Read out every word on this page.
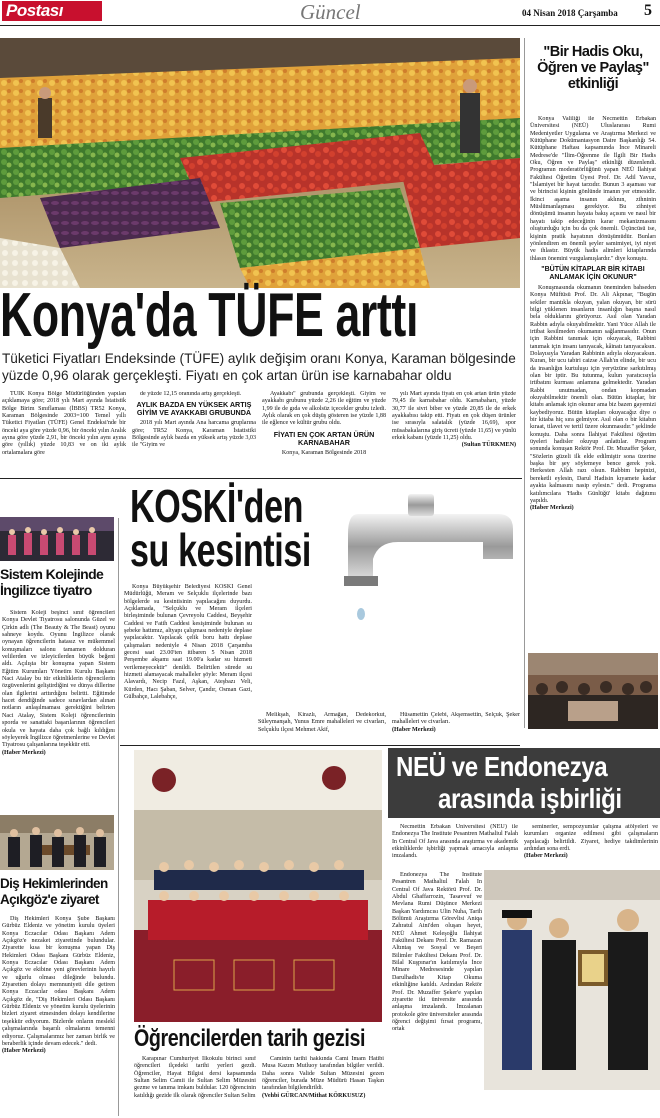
Postası	Güncel	04 Nisan 2018 Çarşamba 5
Konya'da TÜFE arttı
Tüketici Fiyatları Endeksinde (TÜFE) aylık değişim oranı Konya, Karaman bölgesinde yüzde 0,96 olarak gerçekleşti. Fiyatı en çok artan ürün ise karnabahar oldu

TÜİK Konya Bölge Müdürlüğünden yapılan açıklamaya göre; 2018 yılı Mart ayında İstatistik Bölge Birim Sınıflaması (İBBS) TR52 Konya, Karaman Bölgesinde 2003=100 Temel yıllı Tüketici Fiyatları (TÜFE) Genel Endeksi'nde bir önceki aya göre yüzde 0,96, bir önceki yılın Aralık ayına göre yüzde 2,91, bir önceki yılın aynı ayına göre (yıllık) yüzde 10,83 ve on iki aylık ortalamalara göre

de yüzde 12,15 oranında artış gerçekleşti.

AYLIK BAZDA EN YÜKSEK ARTIŞ GİYİM VE AYAKKABI GRUBUNDA

2018 yılı Mart ayında Ana harcama gruplarına göre; TR52 Konya, Karaman İstatistiki Bölgesinde aylık bazda en yüksek artış yüzde 3,03 ile "Giyim ve

Ayakkabı" grubunda gerçekleşti. Giyim ve ayakkabı grubunu yüzde 2,26 ile eğitim ve yüzde 1,99 ile de gıda ve alkolsüz içecekler grubu izledi. Aylık olarak en çok düşüş gösteren ise yüzde 1,88 ile eğlence ve kültür grubu oldu.

FİYATI EN ÇOK ARTAN ÜRÜN KARNABAHAR

Konya, Karaman Bölgesinde 2018

yılı Mart ayında fiyatı en çok artan ürün yüzde 79,45 ile karnabahar oldu. Karnabaharı, yüzde 30,77 ile sivri biber ve yüzde 20,85 ile de erkek ayakkabısı takip etti. Fiyatı en çok düşen ürünler ise sırasıyla salatalık (yüzde 16,69), spor müsabakalarına giriş ücreti (yüzde 11,65) ve yünlü erkek kabanı (yüzde 11,25) oldu.

(Sultan TÜRKMEN)
"Bir Hadis Oku, Öğren ve Paylaş" etkinliği

Konya Valiliği ile Necmettin Erbakan Üniversitesi (NEÜ) Uluslararası Rumi Medeniyetler Uygulama ve Araştırma Merkezi ve Kütüphane Dokümantasyon Daire Başkanlığı 54. Kütüphane Haftası kapsamında İnce Minareli Medrese'de "İlim-Öğrenme ile İlgili Bir Hadis Oku, Öğren ve Paylaş" etkinliği düzenlendi. Programın moderatörlüğünü yapan NEÜ İlahiyat Fakültesi Öğretim Üyesi Prof. Dr. Adil Yavuz, "İslamiyet bir hayat tarzıdır. Bunun 3 aşaması var ve birincisi kişinin gönlünde imanın yer etmesidir. İkinci aşama insanın aklının, zihninin Müslümanlaşması gerekiyor. Bu zihniyet dönüşümü insanın hayata bakış açısını ve nasıl bir hayatı takip edeceğinin karar mekanizmasını oluşturduğu için bu da çok önemli. Üçüncüsü ise, kişinin pratik hayatının dönüşümüdür. Bunları yönlendiren en önemli şeyler samimiyet, iyi niyet ve ihlastır. Büyük hadis alimleri kitaplarında ihlasın önemini vurgulamışlardır." diye konuştu.

"BÜTÜN KİTAPLAR BİR KİTABI ANLAMAK İÇİN OKUNUR"

Konuşmasında okumanın öneminden bahseden Konya Müftüsü Prof. Dr. Ali Akpınar, "Bugün sekiler mantıkla okuyan, yalan okuyan, bir sürü bilgi yüklenen insanların insanlığın başına nasıl bela olduklarını görüyoruz. Asıl olan Yaradan Rabbin adıyla okuyabilmektir. Yani Yüce Allah ile irtibat kesilmeden okumanın sağlanmasıdır. Onun için Rabbini tanımak için okuyacak, Rabbini tanımak için insanı tanıyacak, kâinatı tanıyacaksın. Dolayısıyla Yaradan Rabbinin adıyla okuyacaksın. Kuran, bir ucu tabiri caizse Allah'ın elinde, bir ucu da insanlığın kurtuluşu için yeryüzüne sarkıtılmış olan bir iptir. Bu tutunma, kulun yaratıcısıyla irtibatını kurması anlamına gelmektedir. Yaradan Rabbi unutmadan, ondan kopmadan okuyabilmektir önemli olan. Bütün kitaplar, bir kitabı anlamak için okunur ama biz bazen gayemizi kaybediyoruz. Bütün kitapları okuyacağız diye o bir kitaba hiç sıra gelmiyor. Asıl olan o bir kitabın kıraat, tilavet ve tertil üzere okunmasıdır." şeklinde konuştu. Daha sonra İlahiyat Fakültesi öğretim üyeleri hadisler okuyup anlattılar. Program sonunda konuşan Rektör Prof. Dr. Muzaffer Şeker, "Sözlerin güzeli ilk elde edilmiştir sona üzerine başka bir şey söylemeye bence gerek yok. Herkesten Allah razı olsun. Rabbim hepinizi, bereketli eylesin, Darul Hadisin kıyamete kadar ayakta kalmasını nasip eylesin." dedi. Programa katılımcılara 'Hadis Günlüğü' kitabı dağıtımı yapıldı.

(Haber Merkezi)
Sistem Kolejinde İngilizce tiyatro

Sistem Koleji beşinci sınıf öğrencileri Konya Devlet Tiyatrosu salonunda Güzel ve Çirkin adlı (The Beauty & The Beast) oyunu sahneye koydu. Oyunu İngilizce olarak oynayan öğrencilerin hatasız ve mükemmel konuşmaları salonu tamamen dolduran velilerden ve izleyicilerden büyük beğeni aldı. Açılışta bir konuşma yapan Sistem Eğitim Kurumları Yönetim Kurulu Başkanı Naci Atalay bu tür etkinliklerin öğrencilerin özgüvenlerini geliştirdiğini ve dünya dillerine olan ilgilerini arttırdığını belirtti. Eğitimde hacet dendiğinde sadece sınavlardan alınan notların anlaşılmaması gerektiğini belirten Naci Atalay, Sistem Koleji öğrencilerinin sporda ve sanattaki başarılarının öğrencileri okula ve hayata daha çok bağlı kıldığını söyleyerek İngilizce öğretmenlerine ve Devlet Tiyatrosu çalışanlarına teşekkür etti.

(Haber Merkezi)
Diş Hekimlerinden Açıkgöz'e ziyaret

Diş Hekimleri Konya Şube Başkanı Gürbüz Eldeniz ve yönetim kurulu üyeleri Konya Eczacılar Odası Başkanı Adem Açıkgöz'e nezaket ziyaretinde bulundular. Ziyarette kısa bir konuşma yapan Diş Hekimleri Odası Başkanı Gürbüz Eldeniz, Konya Eczacılar Odası Başkanı Adem Açıkgöz ve ekibine yeni görevlerinin hayırlı ve uğurlu olması dileğinde bulundu. Ziyaretten dolayı memnuniyeti dile getiren Konya Eczacılar odası Başkanı Adem Açıkgöz de, "Diş Hekimleri Odası Başkanı Gürbüz Eldeniz ve yönetim kurulu üyelerinin bizleri ziyaret etmesinden dolayı kendilerine teşekkür ediyorum. Bizlerde onların meslekî çalışmalarında başarılı olmalarını temenni ediyoruz. Çalışmalarımız her zaman birlik ve beraberlik içinde devam edecek." dedi.

(Haber Merkezi)
KOSKİ'den
su kesintisi

Konya Büyükşehir Belediyesi KOSKİ Genel Müdürlüğü, Meram ve Selçuklu ilçelerinde bazı bölgelerde su kesintisinin yapılacağını duyurdu. Açıklamada, "Selçuklu ve Meram ilçeleri birleşiminde bulunan Çevreyolu Caddesi, Beyşehir Caddesi ve Fatih Caddesi kesişiminde bulunan su şebeke hattımız, altyapı çalışması nedeniyle deplase yapılacaktır. Yapılacak çelik boru hattı deplase çalışmaları nedeniyle 4 Nisan 2018 Çarşamba gecesi saat 23.00'ten itibaren 5 Nisan 2018 Perşembe akşamı saat 19.00'a kadar su hizmeti verilemeyecektir" denildi. Belirtilen sürede su hizmeti alamayacak mahalleler şöyle: Meram ilçesi Alavardı, Necip Fazıl, Aşkan, Ateşbazı Veli, Kürden, Hacı Şaban, Selver, Çandır, Osman Gazi, Gülbahçe, Lalebahçe,

Melikşah, Kirazlı, Armağan, Dedekorkut, Süleymanşah, Yunus Emre mahalleleri ve civarları, Selçuklu ilçesi Mehmet Akif,

Hüsamettin Çelebi, Akşemsettin, Selçuk, Şeker mahalleleri ve civarları.

(Haber Merkezi)
Öğrencilerden tarih gezisi

Karapınar Cumhuriyet İlkokulu birinci sınıf öğrencileri ilçedeki tarihi yerleri gezdi. Öğrenciler, Hayat Bilgisi dersi kapsamında Sultan Selim Camii ile Sultan Selim Müzesini gezme ve tanıma imkanı buldular. 120 öğrencinin katıldığı gezide ilk olarak öğrenciler Sultan Selim

Caminin tarihi hakkında Cami İmam Hatibi Musa Kazım Mutluoy tarafından bilgiler verildi. Daha sonra Valide Sultan Müzesini gezen öğrenciler, burada Müze Müdürü Hasan Taşkın tarafından bilgilendirildi.

(Vehbi GÜRCAN/Mithat KÖRKUSUZ)
NEÜ ve Endonezya
arasında işbirliği

Necmettin Erbakan Üniversitesi (NEÜ) ile Endonezya The Institute Pesantren Mathaliul Falah In Central Of Java arasında araştırma ve akademik etkinliklerde işbirliği yapmak amacıyla anlaşma imzalandı.

Endonezya The Institute Pesantren Mathaliul Falah In Central Of Java Rektörü Prof. Dr. Abdul Ghaffarrozin, Tasavvuf ve Mevlana Rumi Düşünce Merkezi Başkan Yardımcısı Ulin Nuha, Tarih Bölümü Araştırma Görevlisi Aniqa Zahratul Aini'den oluşan heyet, NEÜ Ahmet Keleşoğlu İlahiyat Fakültesi Dekanı Prof. Dr. Ramazan Altıntaş ve Sosyal ve Beşeri Bilimler Fakültesi Dekanı Prof. Dr. Bilal Kuşpınar'ın katılımıyla İnce Minare Medresesinde yapılan Darulhadis'te Kitap Okuma etkinliğine katıldı. Ardından Rektör Prof. Dr. Muzaffer Şeker'e yapılan ziyarette iki üniversite arasında anlaşma imzalandı. İmzalanan protokole göre üniversiteler arasında öğrenci değişimi fırsat programı, ortak

seminerler, sempozyumlar çalışma atölyeleri ve kurumları organize edilmesi gibi çalışmaların yapılacağı belirtildi. Ziyaret, hediye takdimlerinin ardından sona erdi.

(Haber Merkezi)
